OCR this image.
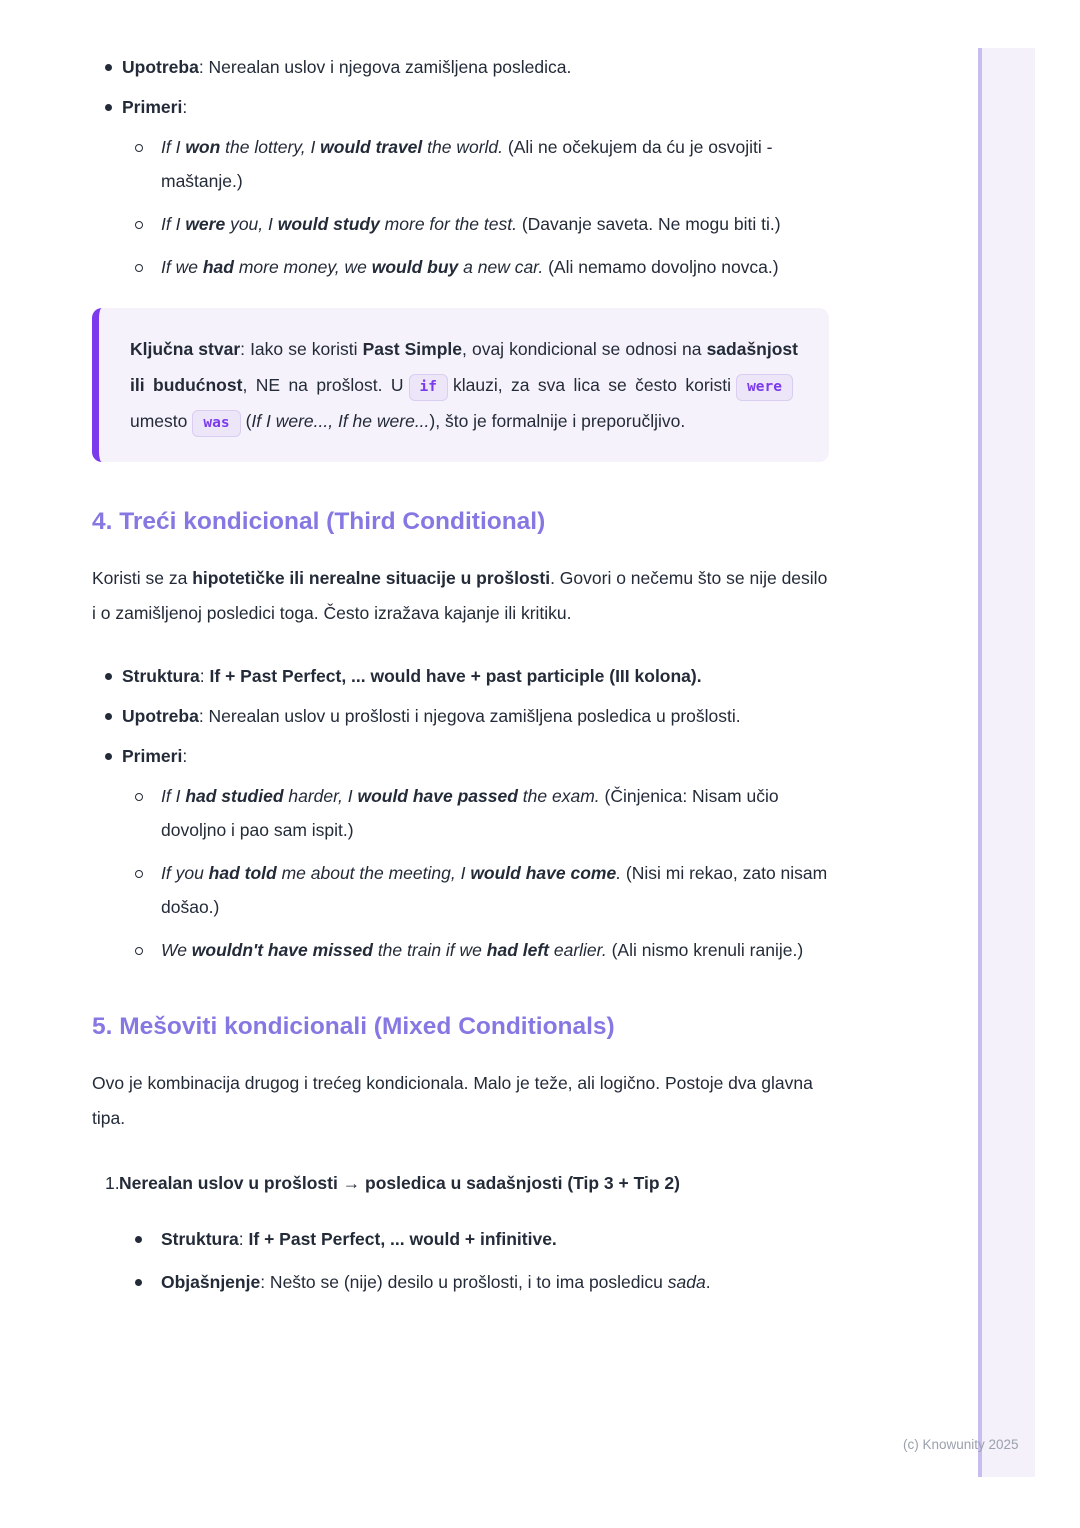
Upotreba: Nerealan uslov i njegova zamišljena posledica.
Primeri:
If I won the lottery, I would travel the world. (Ali ne očekujem da ću je osvojiti - maštanje.)
If I were you, I would study more for the test. (Davanje saveta. Ne mogu biti ti.)
If we had more money, we would buy a new car. (Ali nemamo dovoljno novca.)
Ključna stvar: Iako se koristi Past Simple, ovaj kondicional se odnosi na sadašnjost ili budućnost, NE na prošlost. U if klauzi, za sva lica se često koristi wereumesto was (If I were..., If he were...), što je formalnije i preporučljivo.
4. Treći kondicional (Third Conditional)

Koristi se za hipotetičke ili nerealne situacije u prošlosti. Govori o nečemu što se nije desilo i o zamišljenoj posledici toga. Često izražava kajanje ili kritiku.

Struktura: If + Past Perfect, ... would have + past participle (III kolona).
Upotreba: Nerealan uslov u prošlosti i njegova zamišljena posledica u prošlosti.
Primeri:
If I had studied harder, I would have passed the exam. (Činjenica: Nisam učio dovoljno i pao sam ispit.)
If you had told me about the meeting, I would have come. (Nisi mi rekao, zato nisam došao.)
We wouldn't have missed the train if we had left earlier. (Ali nismo krenuli ranije.)
5. Mešoviti kondicionali (Mixed Conditionals)

Ovo je kombinacija drugog i trećeg kondicionala. Malo je teže, ali logično. Postoje dva glavna tipa.

1. Nerealan uslov u prošlosti → posledica u sadašnjosti (Tip 3 + Tip 2)
Struktura: If + Past Perfect, ... would + infinitive.
Objašnjenje: Nešto se (nije) desilo u prošlosti, i to ima posledicu sada.
(c) Knowunity 2025
